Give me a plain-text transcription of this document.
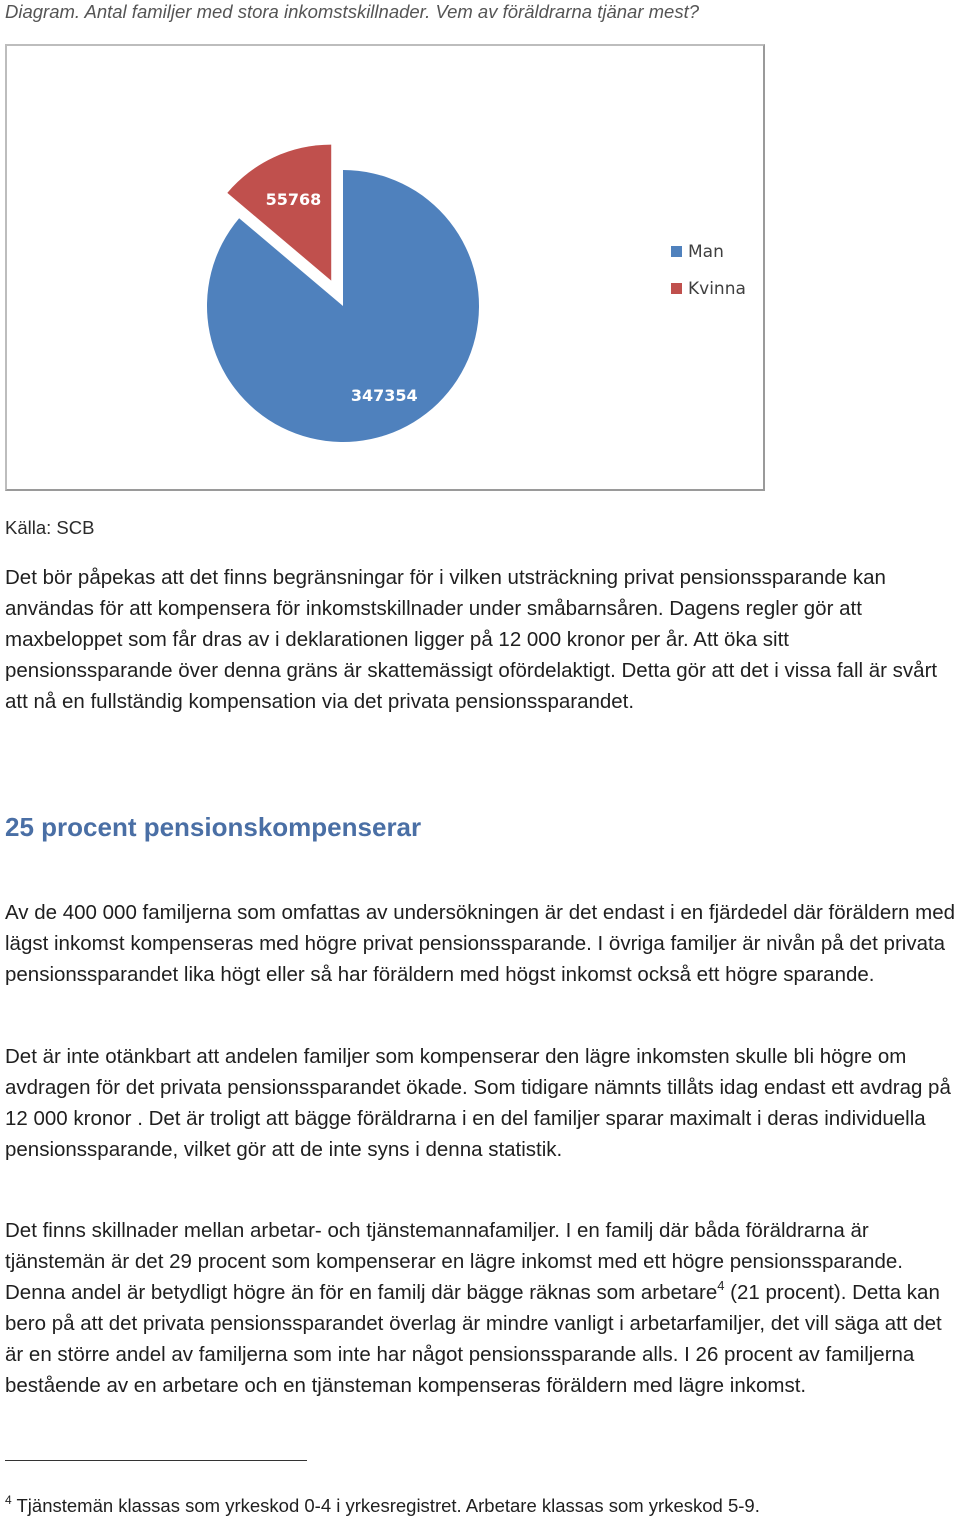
Diagram. Antal familjer med stora inkomstskillnader. Vem av föräldrarna tjänar mest?

55768
347354
Man
Kvinna

Källa: SCB

Det bör påpekas att det finns begränsningar för i vilken utsträckning privat pensionssparande kan användas för att kompensera för inkomstskillnader under småbarnsåren. Dagens regler gör att maxbeloppet som får dras av i deklarationen ligger på 12 000 kronor per år. Att öka sitt pensionssparande över denna gräns är skattemässigt ofördelaktigt. Detta gör att det i vissa fall är svårt att nå en fullständig kompensation via det privata pensionssparandet.

25 procent pensionskompenserar

Av de 400 000 familjerna som omfattas av undersökningen är det endast i en fjärdedel där föräldern med lägst inkomst kompenseras med högre privat pensionssparande. I övriga familjer är nivån på det privata pensionssparandet lika högt eller så har föräldern med högst inkomst också ett högre sparande.

Det är inte otänkbart att andelen familjer som kompenserar den lägre inkomsten skulle bli högre om avdragen för det privata pensionssparandet ökade. Som tidigare nämnts tillåts idag endast ett avdrag på 12 000 kronor . Det är troligt att bägge föräldrarna i en del familjer sparar maximalt i deras individuella pensionssparande, vilket gör att de inte syns i denna statistik.

Det finns skillnader mellan arbetar- och tjänstemannafamiljer. I en familj där båda föräldrarna är tjänstemän är det 29 procent som kompenserar en lägre inkomst med ett högre pensionssparande. Denna andel är betydligt högre än för en familj där bägge räknas som arbetare$^4$ (21 procent). Detta kan bero på att det privata pensionssparandet överlag är mindre vanligt i arbetarfamiljer, det vill säga att det är en större andel av familjerna som inte har något pensionssparande alls. I 26 procent av familjerna bestående av en arbetare och en tjänsteman kompenseras föräldern med lägre inkomst.

$^4$ Tjänstemän klassas som yrkeskod 0-4 i yrkesregistret. Arbetare klassas som yrkeskod 5-9.
